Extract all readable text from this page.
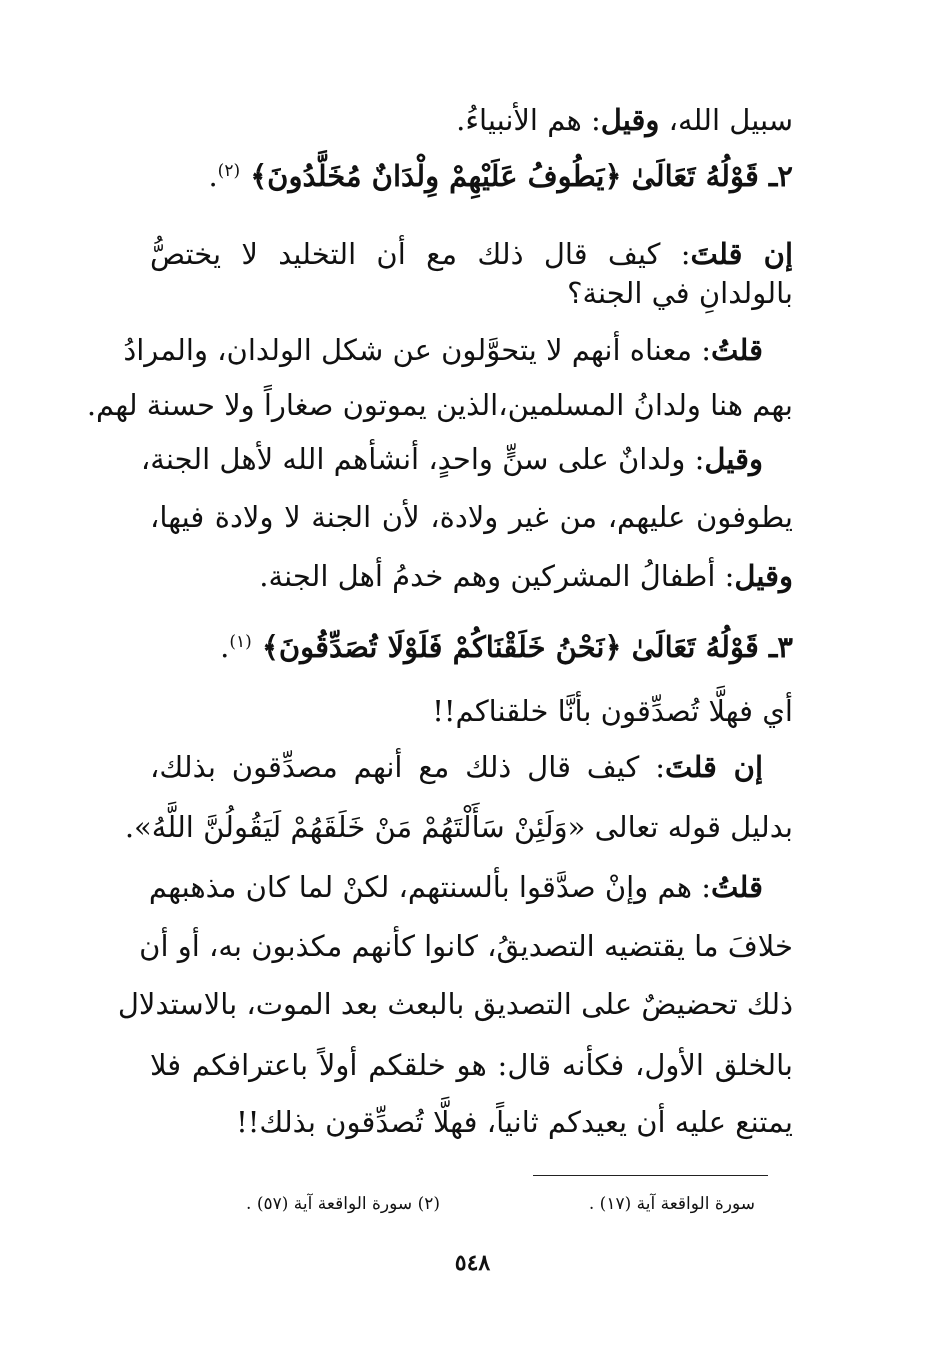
سبيل الله، وقيل: هم الأنبياءُ.
٢ـ قَوْلُهُ تَعَالَىٰ ﴿يَطُوفُ عَلَيْهِمْ وِلْدَانٌ مُخَلَّدُونَ﴾ $^{(٢)}$.
إن قلتَ: كيف قال ذلك مع أن التخليد لا يختصُّ
بالولدانِ في الجنة؟
قلتُ: معناه أنهم لا يتحوَّلون عن شكل الولدان، والمرادُ
بهم هنا ولدانُ المسلمين،الذين يموتون صغاراً ولا حسنة لهم.
وقيل: ولدانٌ على سنٍّ واحدٍ، أنشأهم الله لأهل الجنة،
يطوفون عليهم، من غير ولادة، لأن الجنة لا ولادة فيها،
وقيل: أطفالُ المشركين وهم خدمُ أهل الجنة.
٣ـ قَوْلُهُ تَعَالَىٰ ﴿نَحْنُ خَلَقْنَاكُمْ فَلَوْلَا تُصَدِّقُونَ﴾ $^{(١)}$.
أي فهلَّا تُصدِّقون بأنَّا خلقناكم!!
إن قلتَ: كيف قال ذلك مع أنهم مصدِّقون بذلك،
بدليل قوله تعالى «وَلَئِنْ سَأَلْتَهُمْ مَنْ خَلَقَهُمْ لَيَقُولُنَّ اللَّهُ».
قلتُ: هم وإنْ صدَّقوا بألسنتهم، لكنْ لما كان مذهبهم
خلافَ ما يقتضيه التصديقُ، كانوا كأنهم مكذبون به، أو أن
ذلك تحضيضٌ على التصديق بالبعث بعد الموت، بالاستدلال
بالخلق الأول، فكأنه قال: هو خلقكم أولاً باعترافكم فلا
يمتنع عليه أن يعيدكم ثانياً، فهلَّا تُصدِّقون بذلك!!
سورة الواقعة آية (١٧) .
(٢) سورة الواقعة آية (٥٧) .
٥٤٨
